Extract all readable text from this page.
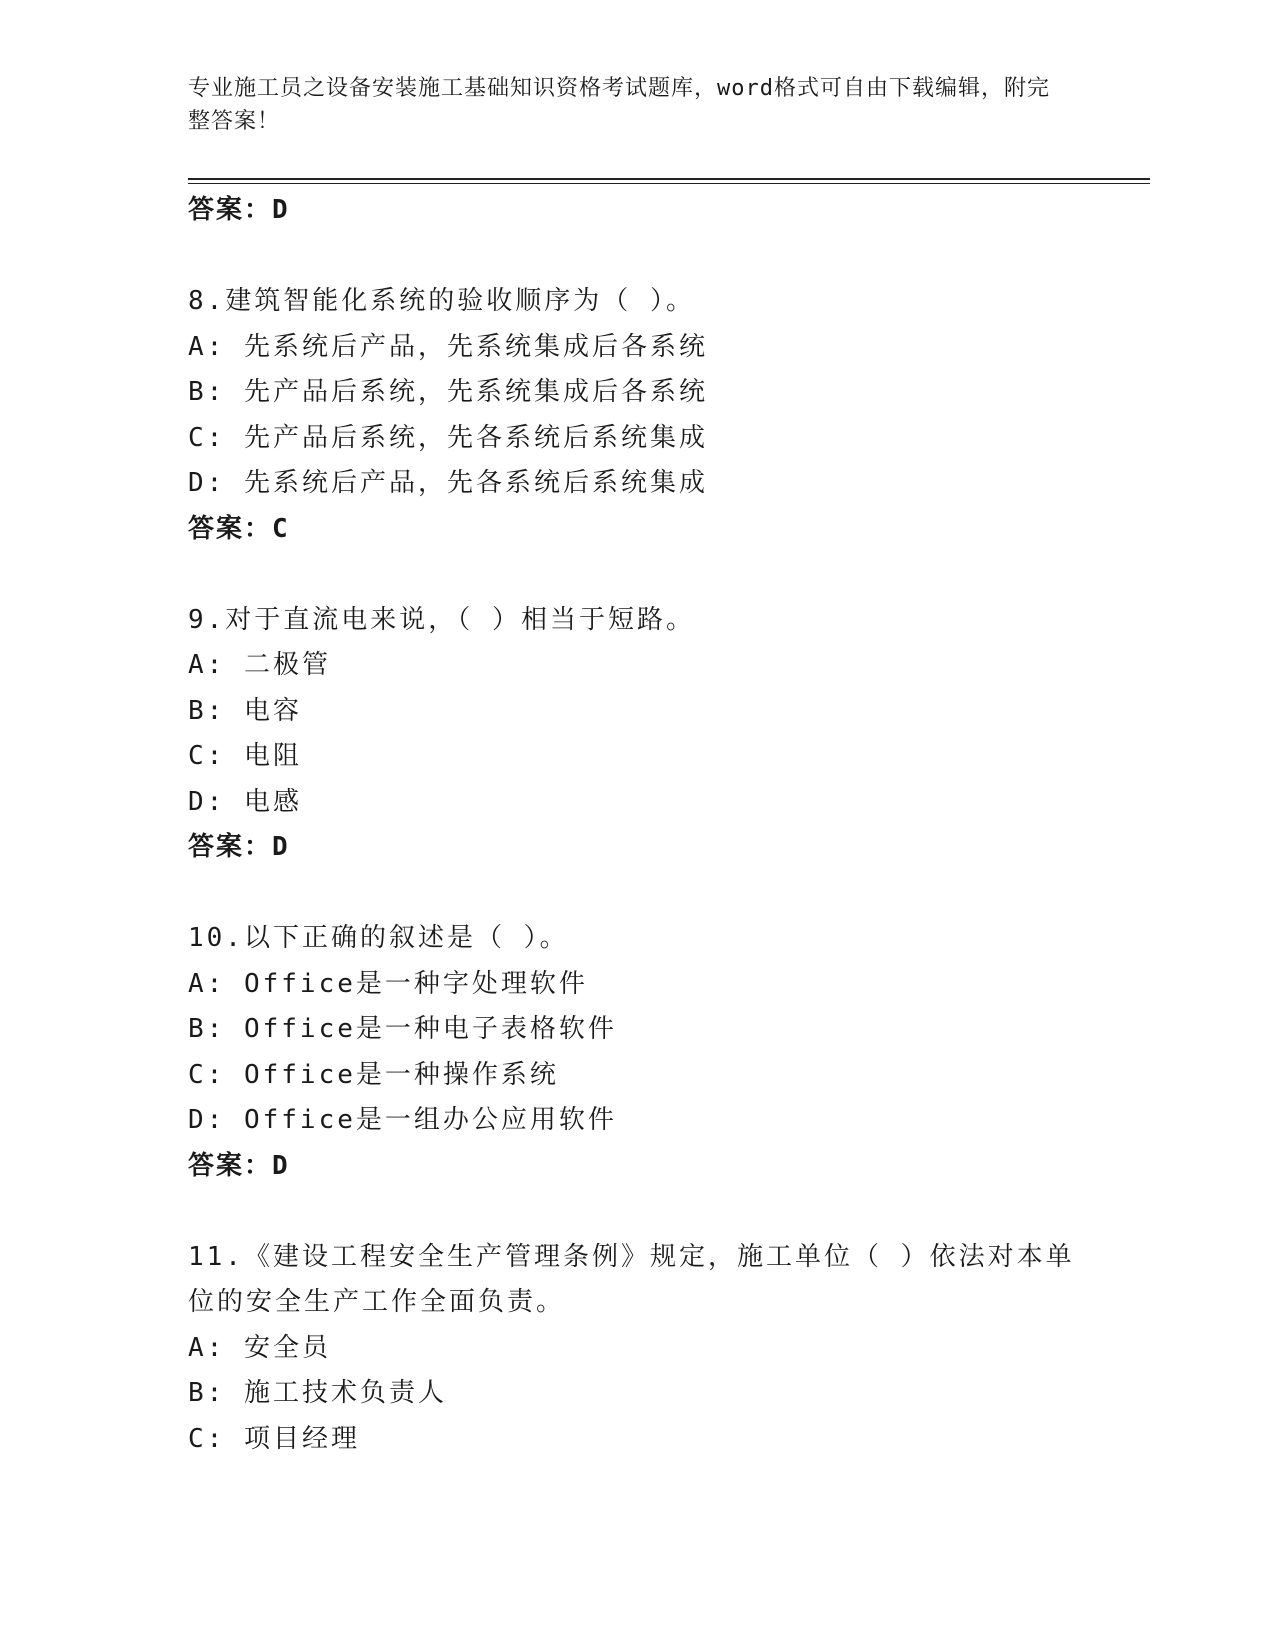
专业施工员之设备安装施工基础知识资格考试题库，word格式可自由下载编辑，附完整答案！

答案：D
8.建筑智能化系统的验收顺序为（ ）。
A: 先系统后产品，先系统集成后各系统
B: 先产品后系统，先系统集成后各系统
C: 先产品后系统，先各系统后系统集成
D: 先系统后产品，先各系统后系统集成
答案：C
9.对于直流电来说，（ ）相当于短路。
A: 二极管
B: 电容
C: 电阻
D: 电感
答案：D
10.以下正确的叙述是（ ）。
A: Office是一种字处理软件
B: Office是一种电子表格软件
C: Office是一种操作系统
D: Office是一组办公应用软件
答案：D
11.《建设工程安全生产管理条例》规定，施工单位（ ）依法对本单
位的安全生产工作全面负责。
A: 安全员
B: 施工技术负责人
C: 项目经理
